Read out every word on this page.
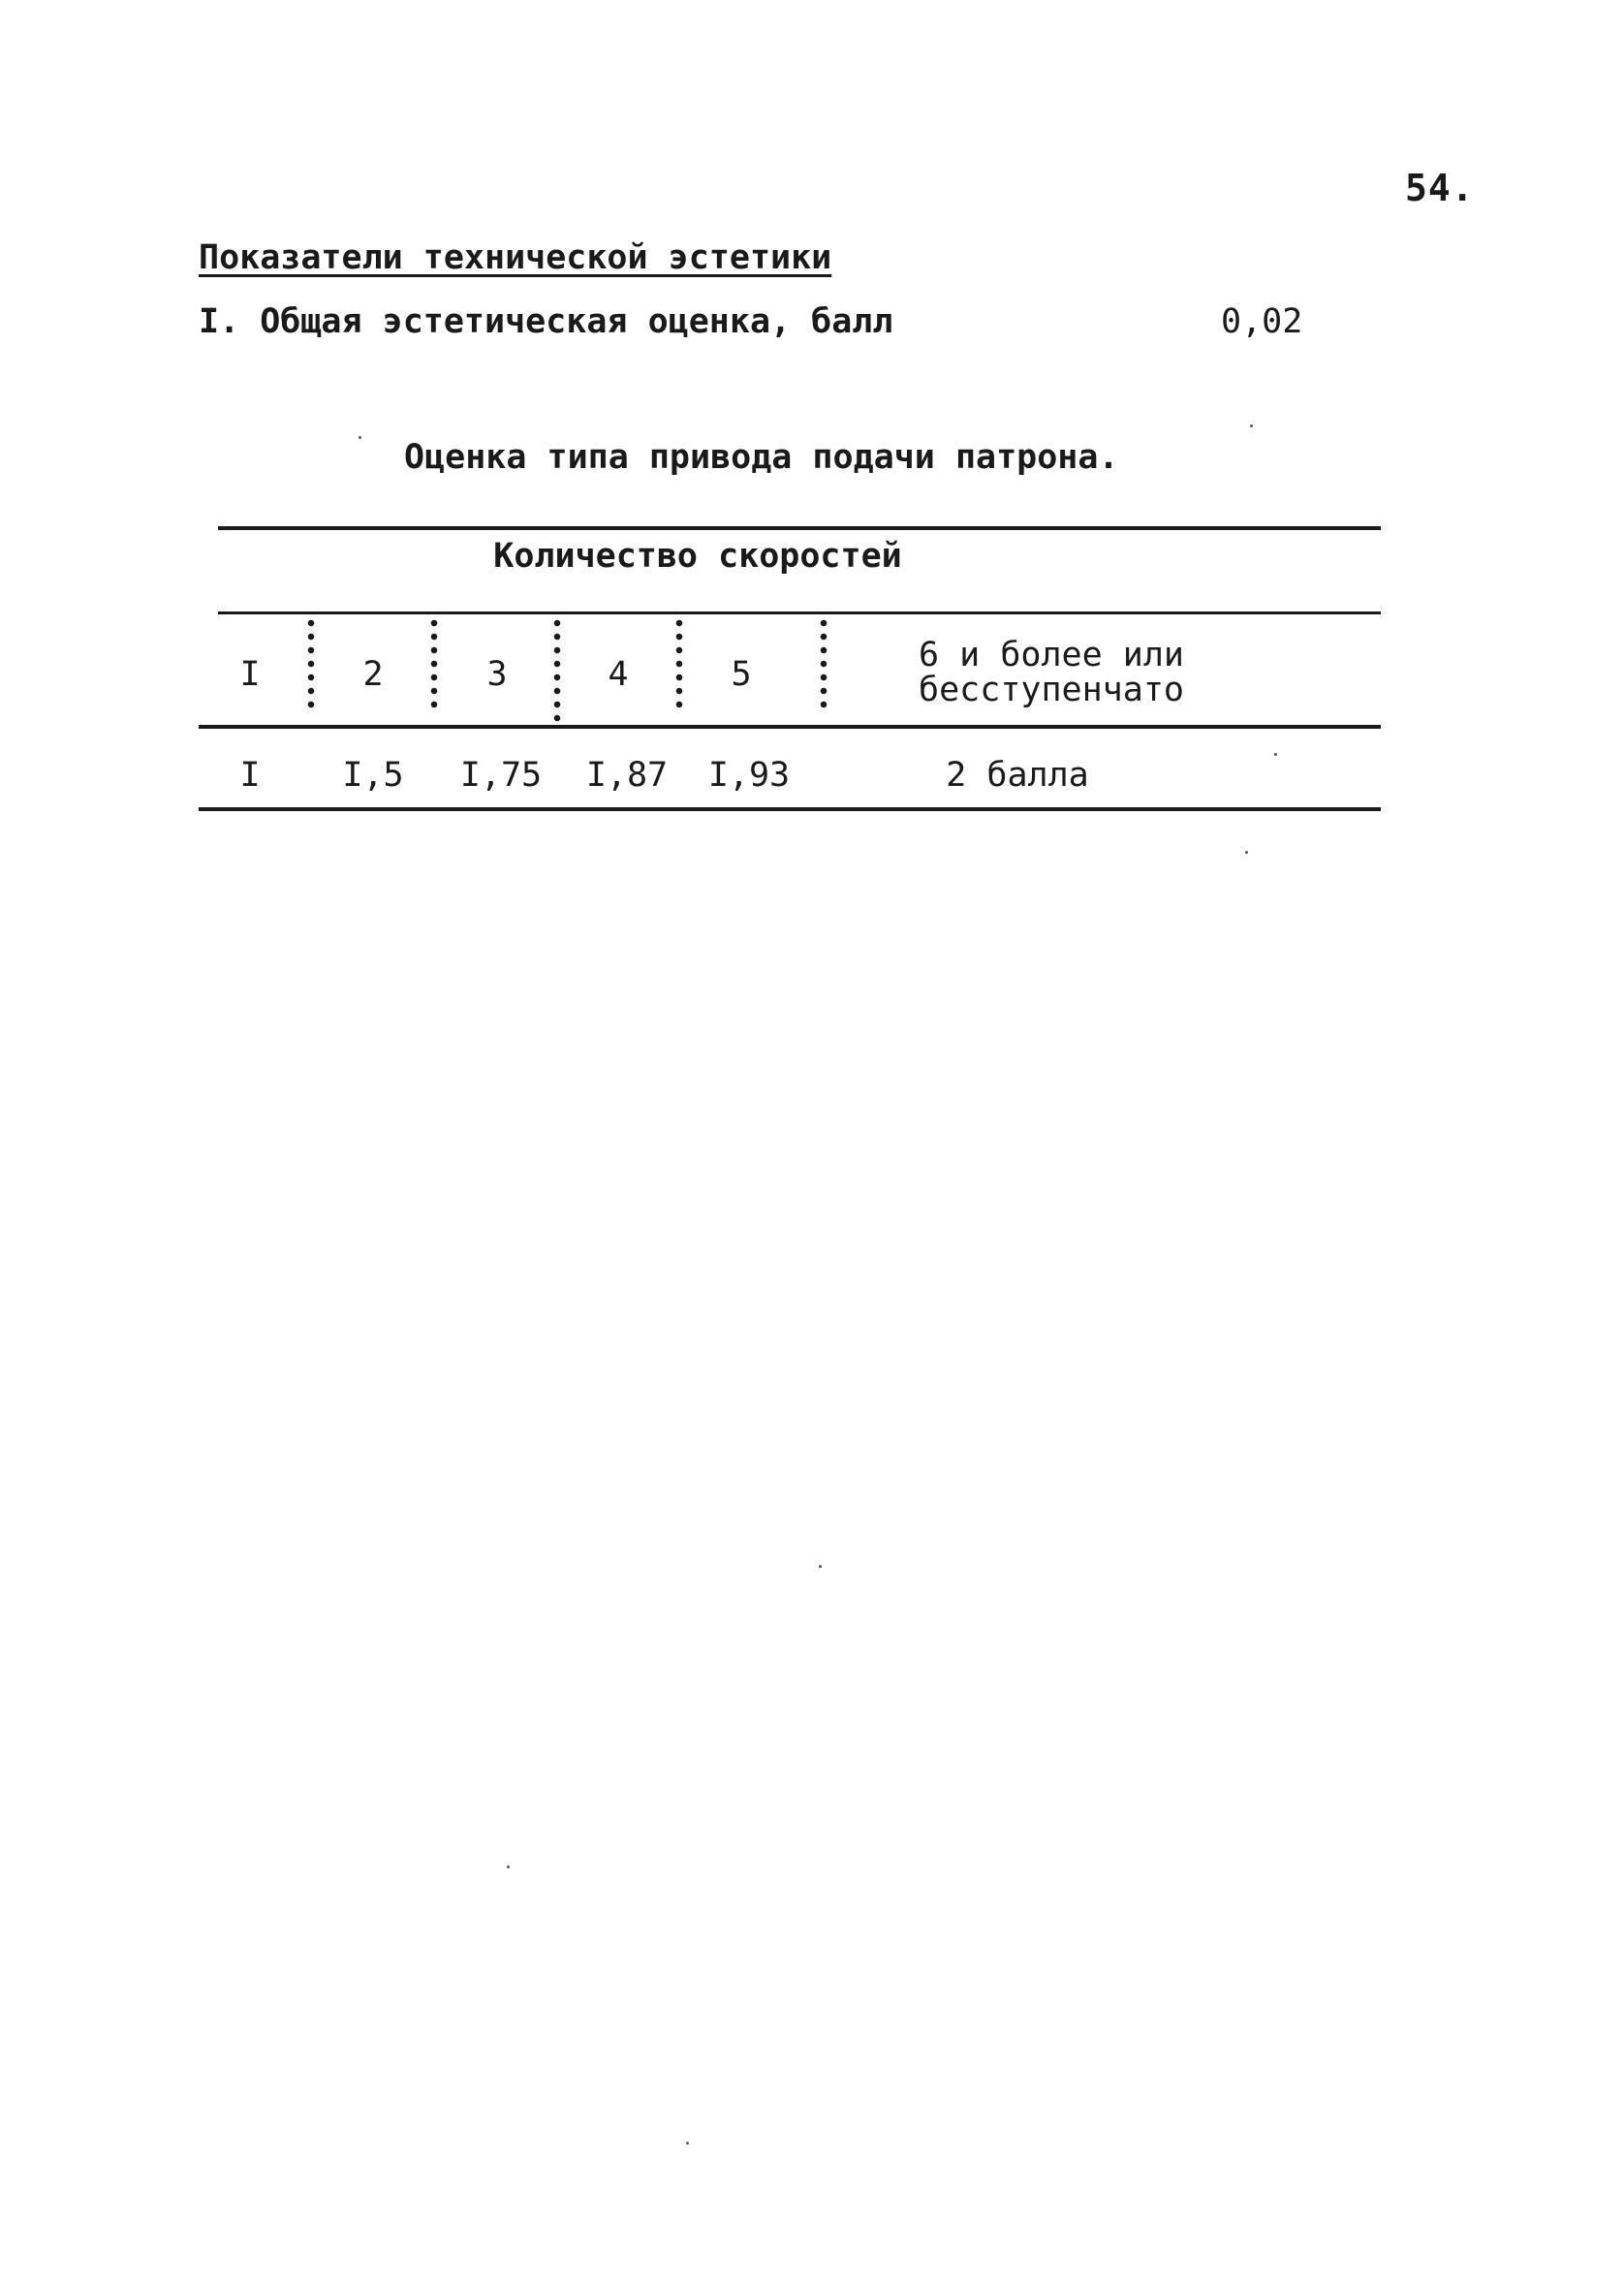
54.
Показатели технической эстетики
I. Общая эстетическая оценка, балл	0,02
Оценка типа привода подачи патрона.
Количество скоростей
I	2	3	4	5	6 и более или бесступенчато
I	I,5	I,75	I,87	I,93	2 балла
